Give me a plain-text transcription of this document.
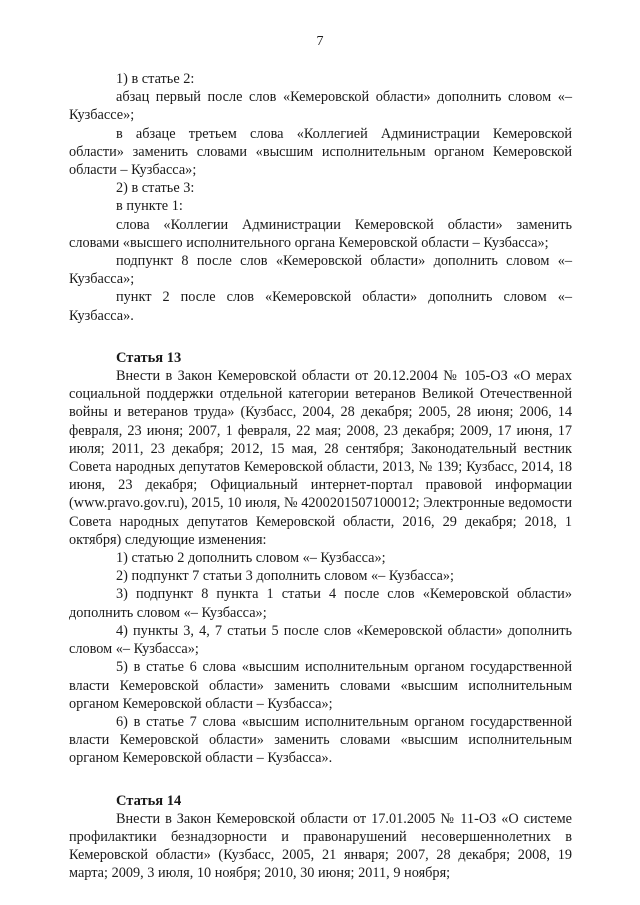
7

1) в статье 2:

абзац первый после слов «Кемеровской области» дополнить словом «– Кузбассе»;

в абзаце третьем слова «Коллегией Администрации Кемеровской области» заменить словами «высшим исполнительным органом Кемеровской области – Кузбасса»;

2) в статье 3:

в пункте 1:

слова «Коллегии Администрации Кемеровской области» заменить словами «высшего исполнительного органа Кемеровской области – Кузбасса»;

подпункт 8 после слов «Кемеровской области» дополнить словом «– Кузбасса»;

пункт 2 после слов «Кемеровской области» дополнить словом «– Кузбасса».

Статья 13

Внести в Закон Кемеровской области от 20.12.2004 № 105-ОЗ «О мерах социальной поддержки отдельной категории ветеранов Великой Отечественной войны и ветеранов труда» (Кузбасс, 2004, 28 декабря; 2005, 28 июня; 2006, 14 февраля, 23 июня; 2007, 1 февраля, 22 мая; 2008, 23 декабря; 2009, 17 июня, 17 июля; 2011, 23 декабря; 2012, 15 мая, 28 сентября; Законодательный вестник Совета народных депутатов Кемеровской области, 2013, № 139; Кузбасс, 2014, 18 июня, 23 декабря; Официальный интернет-портал правовой информации (www.pravo.gov.ru), 2015, 10 июля, № 4200201507100012; Электронные ведомости Совета народных депутатов Кемеровской области, 2016, 29 декабря; 2018, 1 октября) следующие изменения:

1) статью 2 дополнить словом «– Кузбасса»;

2) подпункт 7 статьи 3 дополнить словом «– Кузбасса»;

3) подпункт 8 пункта 1 статьи 4 после слов «Кемеровской области» дополнить словом «– Кузбасса»;

4) пункты 3, 4, 7 статьи 5 после слов «Кемеровской области» дополнить словом «– Кузбасса»;

5) в статье 6 слова «высшим исполнительным органом государственной власти Кемеровской области» заменить словами «высшим исполнительным органом Кемеровской области – Кузбасса»;

6) в статье 7 слова «высшим исполнительным органом государственной власти Кемеровской области» заменить словами «высшим исполнительным органом Кемеровской области – Кузбасса».

Статья 14

Внести в Закон Кемеровской области от 17.01.2005 № 11-ОЗ «О системе профилактики безнадзорности и правонарушений несовершеннолетних в Кемеровской области» (Кузбасс, 2005, 21 января; 2007, 28 декабря; 2008, 19 марта; 2009, 3 июля, 10 ноября; 2010, 30 июня; 2011, 9 ноября;
